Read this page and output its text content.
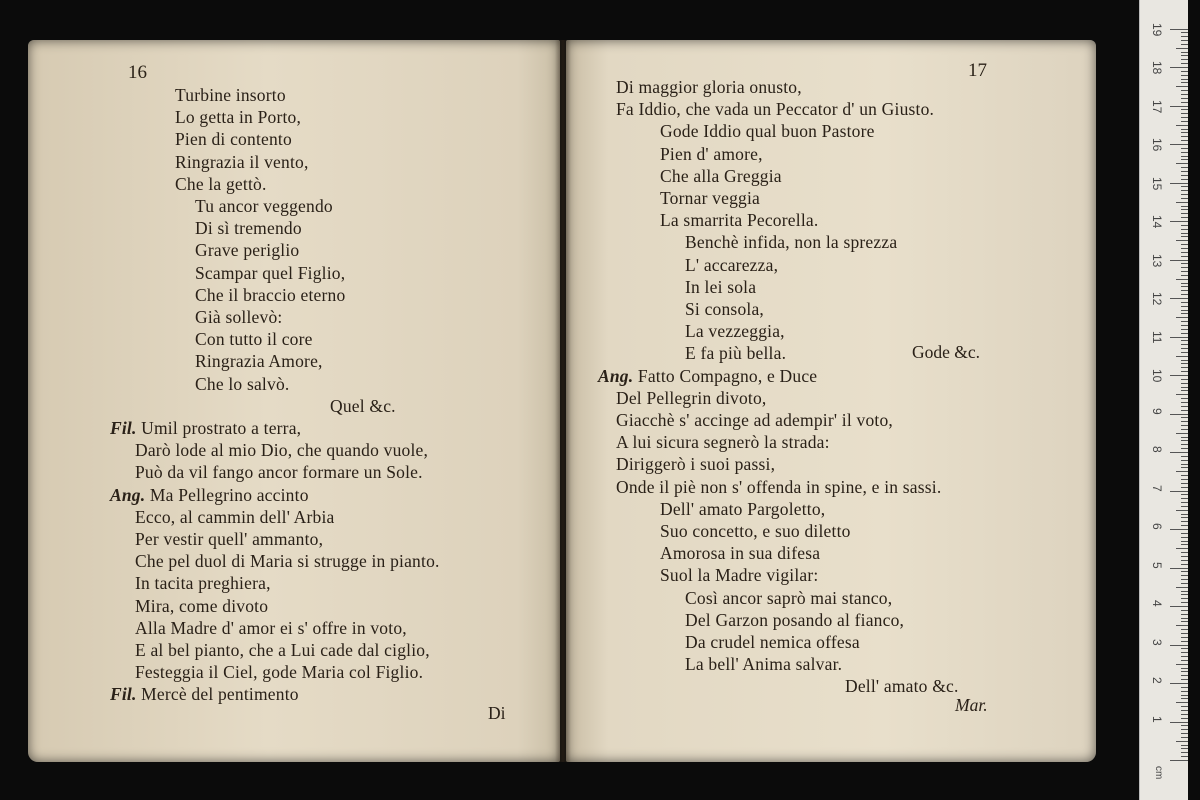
16	17
Turbine insorto
Lo getta in Porto,
Pien di contento
Ringrazia il vento,
Che la gettò.
Tu ancor veggendo
Di sì tremendo
Grave periglio
Scampar quel Figlio,
Che il braccio eterno
Già sollevò:
Con tutto il core
Ringrazia Amore,
Che lo salvò.
Quel &c.
Fil. Umil prostrato a terra,
Darò lode al mio Dio, che quando vuole,
Può da vil fango ancor formare un Sole.
Ang. Ma Pellegrino accinto
Ecco, al cammin dell' Arbia
Per vestir quell' ammanto,
Che pel duol di Maria si strugge in pianto.
In tacita preghiera,
Mira, come divoto
Alla Madre d' amor ei s' offre in voto,
E al bel pianto, che a Lui cade dal ciglio,
Festeggia il Ciel, gode Maria col Figlio.
Fil. Mercè del pentimento
Di maggior gloria onusto,
Fa Iddio, che vada un Peccator d' un Giusto.
Gode Iddio qual buon Pastore
Pien d' amore,
Che alla Greggia
Tornar veggia
La smarrita Pecorella.
Benchè infida, non la sprezza
L' accarezza,
In lei sola
Si consola,
La vezzeggia,
E fa più bella.	Gode &c.
Ang. Fatto Compagno, e Duce
Del Pellegrin divoto,
Giacchè s' accinge ad adempir' il voto,
A lui sicura segnerò la strada:
Diriggerò i suoi passi,
Onde il piè non s' offenda in spine, e in sassi.
Dell' amato Pargoletto,
Suo concetto, e suo diletto
Amorosa in sua difesa
Suol la Madre vigilar:
Così ancor saprò mai stanco,
Del Garzon posando al fianco,
Da crudel nemica offesa
La bell' Anima salvar.
Dell' amato &c.
Di	Mar.
1
2
3
4
5
6
7
8
9
10
11
12
13
14
15
16
17
18
19
cm
